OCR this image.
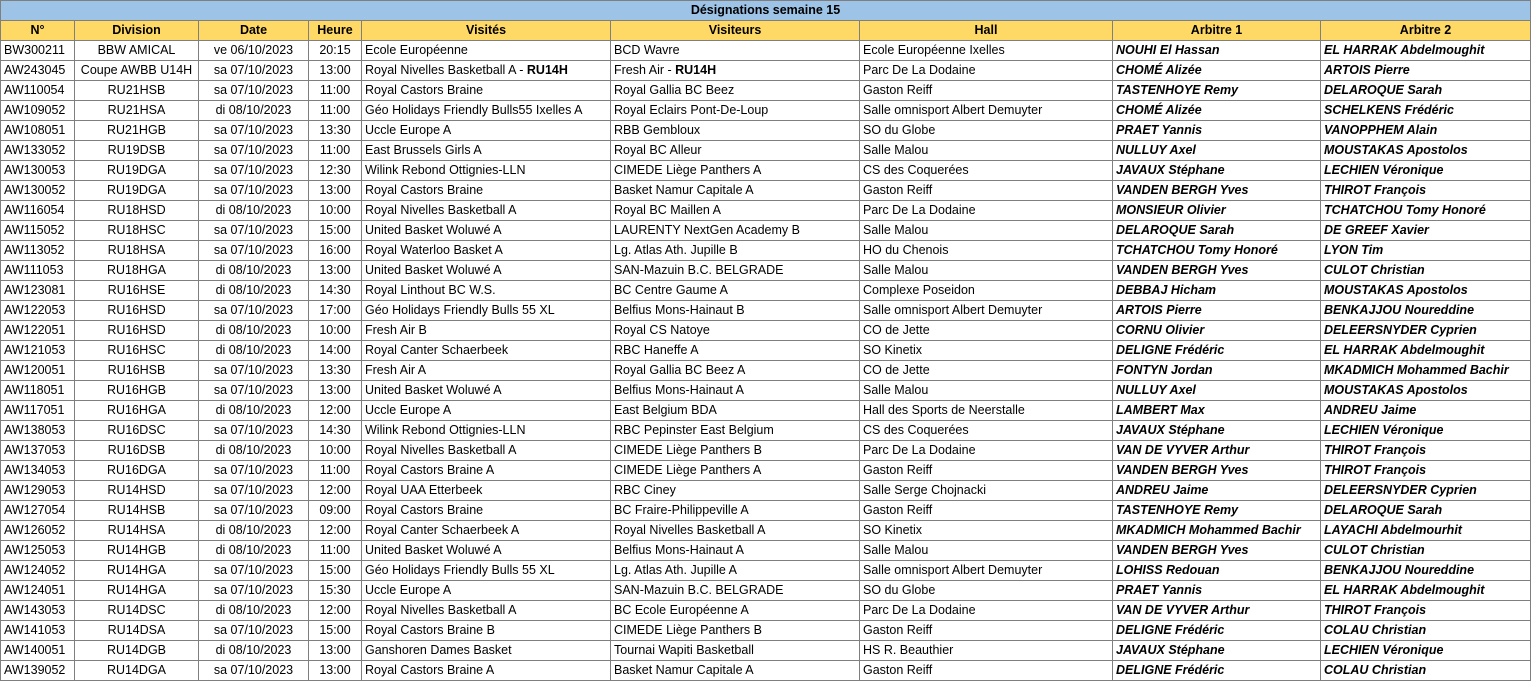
Désignations semaine 15								
N°	Division	Date	Heure	Visités	Visiteurs	Hall	Arbitre 1	Arbitre 2
BW300211	BBW AMICAL	ve 06/10/2023	20:15	Ecole Européenne	BCD Wavre	Ecole Européenne Ixelles	NOUHI El Hassan	EL HARRAK Abdelmoughit
AW243045	Coupe AWBB U14H	sa 07/10/2023	13:00	Royal Nivelles Basketball A - RU14H	Fresh Air - RU14H	Parc De La Dodaine	CHOMÉ Alizée	ARTOIS Pierre
AW110054	RU21HSB	sa 07/10/2023	11:00	Royal Castors Braine	Royal Gallia BC Beez	Gaston Reiff	TASTENHOYE Remy	DELAROQUE Sarah
AW109052	RU21HSA	di 08/10/2023	11:00	Géo Holidays Friendly Bulls55 Ixelles A	Royal Eclairs Pont-De-Loup	Salle omnisport Albert Demuyter	CHOMÉ Alizée	SCHELKENS Frédéric
AW108051	RU21HGB	sa 07/10/2023	13:30	Uccle Europe A	RBB Gembloux	SO du Globe	PRAET Yannis	VANOPPHEM Alain
AW133052	RU19DSB	sa 07/10/2023	11:00	East Brussels Girls A	Royal BC Alleur	Salle Malou	NULLUY Axel	MOUSTAKAS Apostolos
AW130053	RU19DGA	sa 07/10/2023	12:30	Wilink Rebond Ottignies-LLN	CIMEDE Liège Panthers A	CS des Coquerées	JAVAUX Stéphane	LECHIEN Véronique
AW130052	RU19DGA	sa 07/10/2023	13:00	Royal Castors Braine	Basket Namur Capitale A	Gaston Reiff	VANDEN BERGH Yves	THIROT François
AW116054	RU18HSD	di 08/10/2023	10:00	Royal Nivelles Basketball A	Royal BC Maillen A	Parc De La Dodaine	MONSIEUR Olivier	TCHATCHOU Tomy Honoré
AW115052	RU18HSC	sa 07/10/2023	15:00	United Basket Woluwé A	LAURENTY NextGen Academy B	Salle Malou	DELAROQUE Sarah	DE GREEF Xavier
AW113052	RU18HSA	sa 07/10/2023	16:00	Royal Waterloo Basket A	Lg. Atlas Ath. Jupille B	HO du Chenois	TCHATCHOU Tomy Honoré	LYON Tim
AW111053	RU18HGA	di 08/10/2023	13:00	United Basket Woluwé A	SAN-Mazuin B.C. BELGRADE	Salle Malou	VANDEN BERGH Yves	CULOT Christian
AW123081	RU16HSE	di 08/10/2023	14:30	Royal Linthout BC W.S.	BC Centre Gaume A	Complexe Poseidon	DEBBAJ Hicham	MOUSTAKAS Apostolos
AW122053	RU16HSD	sa 07/10/2023	17:00	Géo Holidays Friendly Bulls 55 XL	Belfius Mons-Hainaut B	Salle omnisport Albert Demuyter	ARTOIS Pierre	BENKAJJOU Noureddine
AW122051	RU16HSD	di 08/10/2023	10:00	Fresh Air B	Royal CS Natoye	CO de Jette	CORNU Olivier	DELEERSNYDER Cyprien
AW121053	RU16HSC	di 08/10/2023	14:00	Royal Canter Schaerbeek	RBC Haneffe A	SO Kinetix	DELIGNE Frédéric	EL HARRAK Abdelmoughit
AW120051	RU16HSB	sa 07/10/2023	13:30	Fresh Air A	Royal Gallia BC Beez A	CO de Jette	FONTYN Jordan	MKADMICH Mohammed Bachir
AW118051	RU16HGB	sa 07/10/2023	13:00	United Basket Woluwé A	Belfius Mons-Hainaut A	Salle Malou	NULLUY Axel	MOUSTAKAS Apostolos
AW117051	RU16HGA	di 08/10/2023	12:00	Uccle Europe A	East Belgium BDA	Hall des Sports de Neerstalle	LAMBERT Max	ANDREU Jaime
AW138053	RU16DSC	sa 07/10/2023	14:30	Wilink Rebond Ottignies-LLN	RBC Pepinster East Belgium	CS des Coquerées	JAVAUX Stéphane	LECHIEN Véronique
AW137053	RU16DSB	di 08/10/2023	10:00	Royal Nivelles Basketball A	CIMEDE Liège Panthers B	Parc De La Dodaine	VAN DE VYVER Arthur	THIROT François
AW134053	RU16DGA	sa 07/10/2023	11:00	Royal Castors Braine A	CIMEDE Liège Panthers A	Gaston Reiff	VANDEN BERGH Yves	THIROT François
AW129053	RU14HSD	sa 07/10/2023	12:00	Royal UAA Etterbeek	RBC Ciney	Salle Serge Chojnacki	ANDREU Jaime	DELEERSNYDER Cyprien
AW127054	RU14HSB	sa 07/10/2023	09:00	Royal Castors Braine	BC Fraire-Philippeville A	Gaston Reiff	TASTENHOYE Remy	DELAROQUE Sarah
AW126052	RU14HSA	di 08/10/2023	12:00	Royal Canter Schaerbeek A	Royal Nivelles Basketball A	SO Kinetix	MKADMICH Mohammed Bachir	LAYACHI Abdelmourhit
AW125053	RU14HGB	di 08/10/2023	11:00	United Basket Woluwé A	Belfius Mons-Hainaut A	Salle Malou	VANDEN BERGH Yves	CULOT Christian
AW124052	RU14HGA	sa 07/10/2023	15:00	Géo Holidays Friendly Bulls 55 XL	Lg. Atlas Ath. Jupille A	Salle omnisport Albert Demuyter	LOHISS Redouan	BENKAJJOU Noureddine
AW124051	RU14HGA	sa 07/10/2023	15:30	Uccle Europe A	SAN-Mazuin B.C. BELGRADE	SO du Globe	PRAET Yannis	EL HARRAK Abdelmoughit
AW143053	RU14DSC	di 08/10/2023	12:00	Royal Nivelles Basketball A	BC Ecole Européenne A	Parc De La Dodaine	VAN DE VYVER Arthur	THIROT François
AW141053	RU14DSA	sa 07/10/2023	15:00	Royal Castors Braine B	CIMEDE Liège Panthers B	Gaston Reiff	DELIGNE Frédéric	COLAU Christian
AW140051	RU14DGB	di 08/10/2023	13:00	Ganshoren Dames Basket	Tournai Wapiti Basketball	HS R. Beauthier	JAVAUX Stéphane	LECHIEN Véronique
AW139052	RU14DGA	sa 07/10/2023	13:00	Royal Castors Braine A	Basket Namur Capitale A	Gaston Reiff	DELIGNE Frédéric	COLAU Christian
